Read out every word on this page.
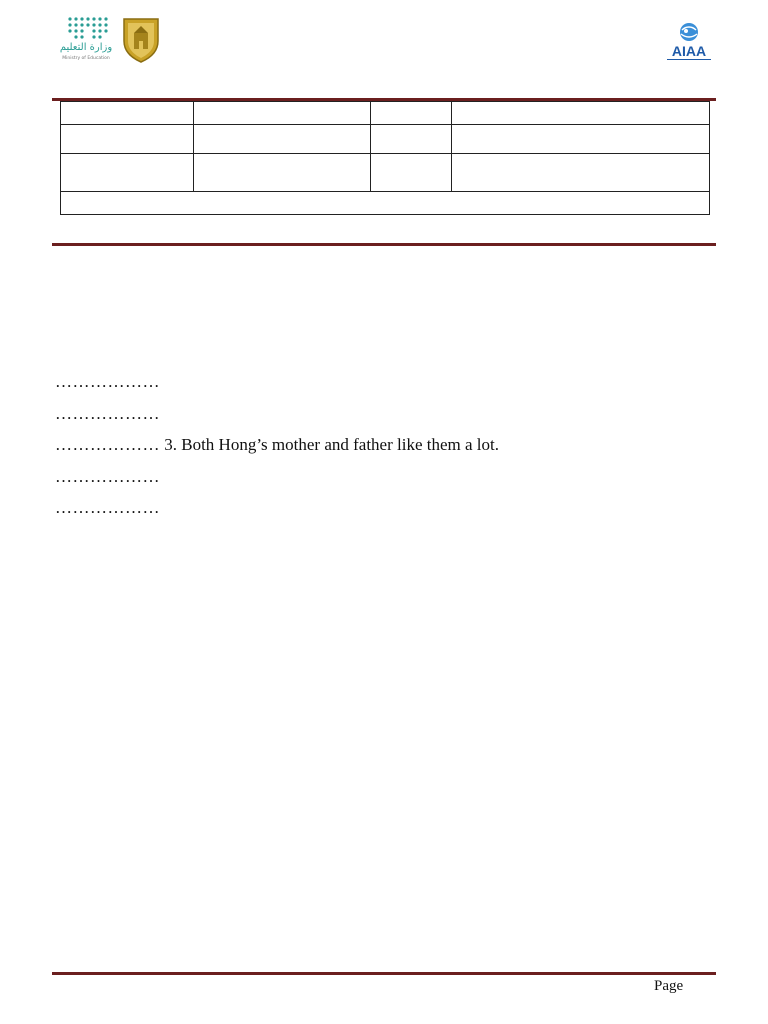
وزارة التعليم
Ministry of Education	AIAA

………………
………………
……………… 3. Both Hong’s mother and father like them a lot.
………………
………………
Page
